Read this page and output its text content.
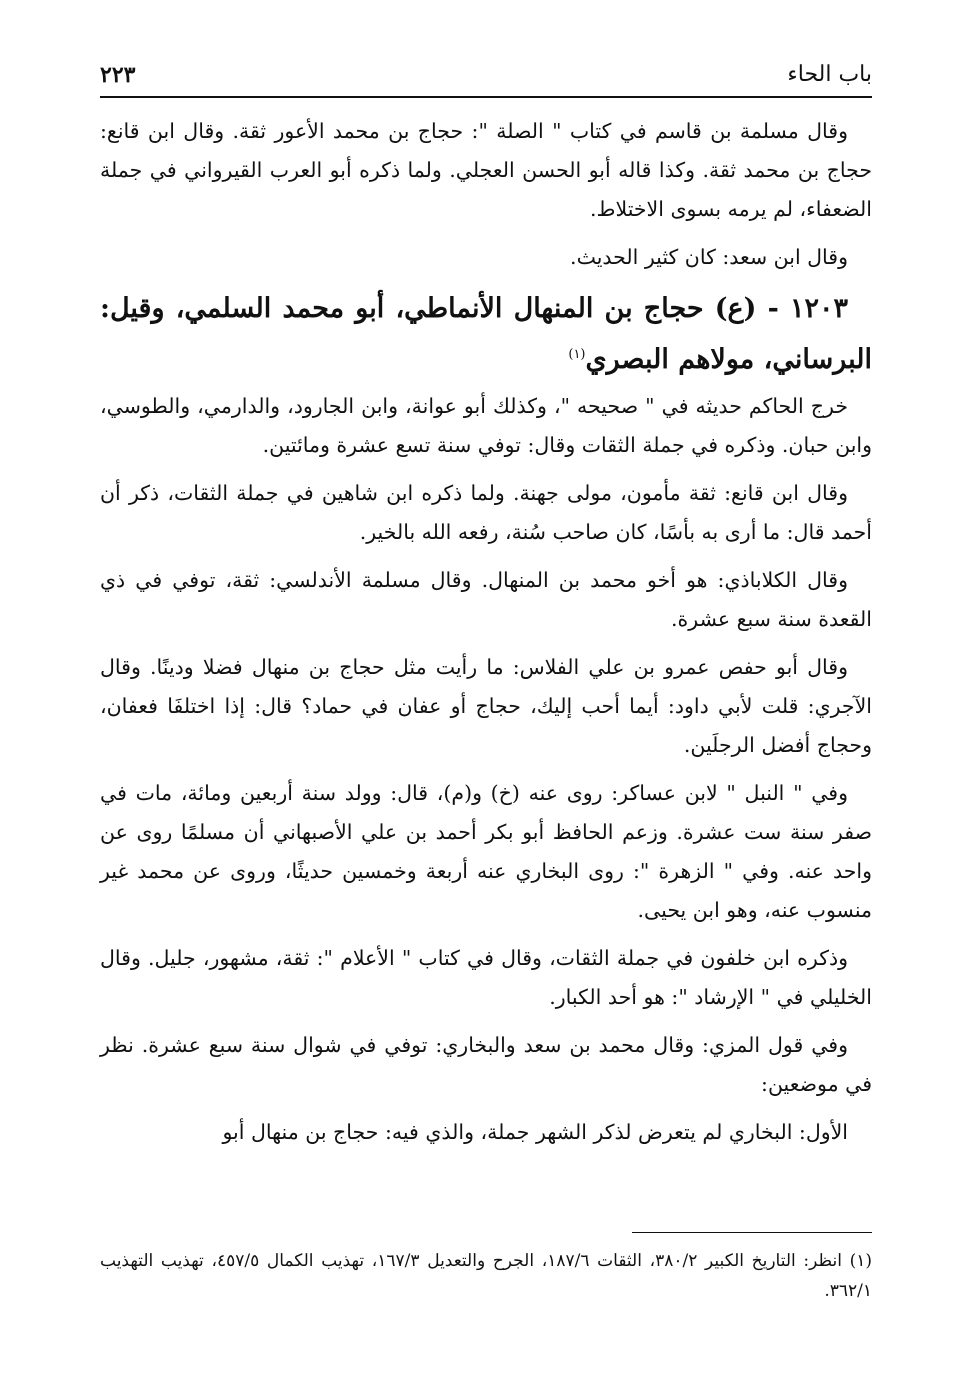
باب الحاء
٢٢٣

وقال مسلمة بن قاسم في كتاب " الصلة ": حجاج بن محمد الأعور ثقة. وقال ابن قانع: حجاج بن محمد ثقة. وكذا قاله أبو الحسن العجلي. ولما ذكره أبو العرب القيرواني في جملة الضعفاء، لم يرمه بسوى الاختلاط.

وقال ابن سعد: كان كثير الحديث.

١٢٠٣ - (ع) حجاج بن المنهال الأنماطي، أبو محمد السلمي، وقيل: البرساني، مولاهم البصري$^{(١)}$

خرج الحاكم حديثه في " صحيحه "، وكذلك أبو عوانة، وابن الجارود، والدارمي، والطوسي، وابن حبان. وذكره في جملة الثقات وقال: توفي سنة تسع عشرة ومائتين.

وقال ابن قانع: ثقة مأمون، مولى جهنة. ولما ذكره ابن شاهين في جملة الثقات، ذكر أن أحمد قال: ما أرى به بأسًا، كان صاحب سُنة، رفعه الله بالخير.

وقال الكلاباذي: هو أخو محمد بن المنهال. وقال مسلمة الأندلسي: ثقة، توفي في ذي القعدة سنة سبع عشرة.

وقال أبو حفص عمرو بن علي الفلاس: ما رأيت مثل حجاج بن منهال فضلا ودينًا. وقال الآجري: قلت لأبي داود: أيما أحب إليك، حجاج أو عفان في حماد؟ قال: إذا اختلفَا فعفان، وحجاج أفضل الرجلَين.

وفي " النبل " لابن عساكر: روى عنه (خ) و(م)، قال: وولد سنة أربعين ومائة، مات في صفر سنة ست عشرة. وزعم الحافظ أبو بكر أحمد بن علي الأصبهاني أن مسلمًا روى عن واحد عنه. وفي " الزهرة ": روى البخاري عنه أربعة وخمسين حديثًا، وروى عن محمد غير منسوب عنه، وهو ابن يحيى.

وذكره ابن خلفون في جملة الثقات، وقال في كتاب " الأعلام ": ثقة، مشهور، جليل. وقال الخليلي في " الإرشاد ": هو أحد الكبار.

وفي قول المزي: وقال محمد بن سعد والبخاري: توفي في شوال سنة سبع عشرة. نظر في موضعين:

الأول: البخاري لم يتعرض لذكر الشهر جملة، والذي فيه: حجاج بن منهال أبو

(١) انظر: التاريخ الكبير ٣٨٠/٢، الثقات ١٨٧/٦، الجرح والتعديل ١٦٧/٣، تهذيب الكمال ٤٥٧/٥، تهذيب التهذيب ٣٦٢/١.
